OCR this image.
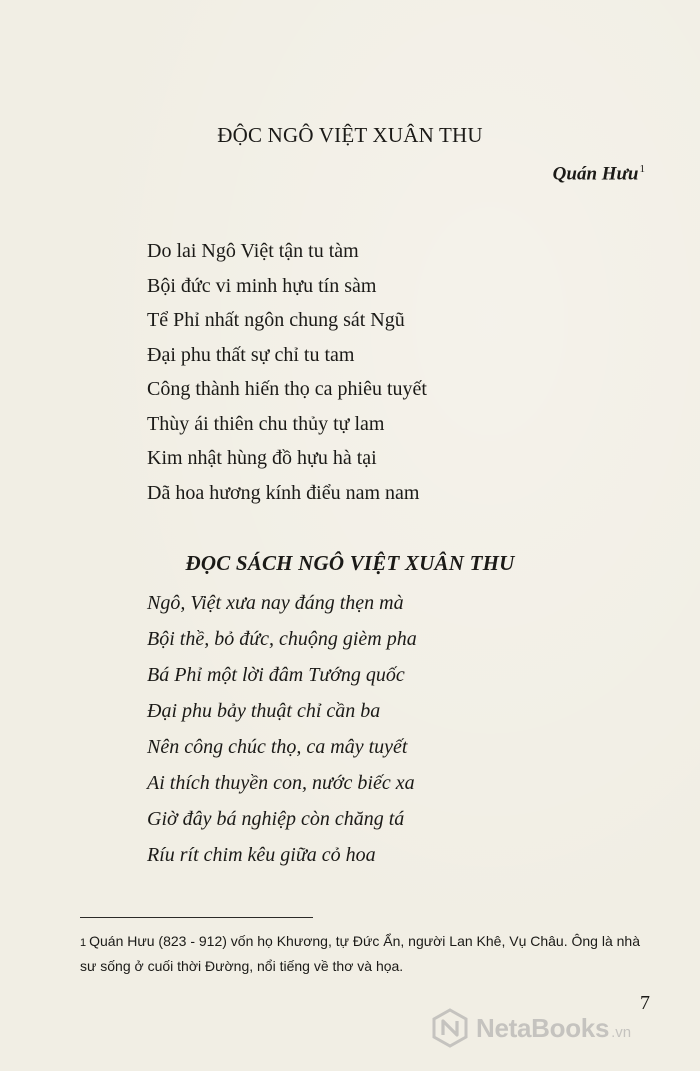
ĐỘC NGÔ VIỆT XUÂN THU
Quán Hưu$^1$
Do lai Ngô Việt tận tu tàm
Bội đức vi minh hựu tín sàm
Tể Phỉ nhất ngôn chung sát Ngũ
Đại phu thất sự chỉ tu tam
Công thành hiến thọ ca phiêu tuyết
Thùy ái thiên chu thủy tự lam
Kim nhật hùng đồ hựu hà tại
Dã hoa hương kính điểu nam nam
ĐỌC SÁCH NGÔ VIỆT XUÂN THU
Ngô, Việt xưa nay đáng thẹn mà
Bội thề, bỏ đức, chuộng gièm pha
Bá Phỉ một lời đâm Tướng quốc
Đại phu bảy thuật chỉ cần ba
Nên công chúc thọ, ca mây tuyết
Ai thích thuyền con, nước biếc xa
Giờ đây bá nghiệp còn chăng tá
Ríu rít chim kêu giữa cỏ hoa
1 Quán Hưu (823 - 912) vốn họ Khương, tự Đức Ẩn, người Lan Khê, Vụ Châu. Ông là nhà sư sống ở cuối thời Đường, nổi tiếng về thơ và họa.
7
NetaBooks .vn
